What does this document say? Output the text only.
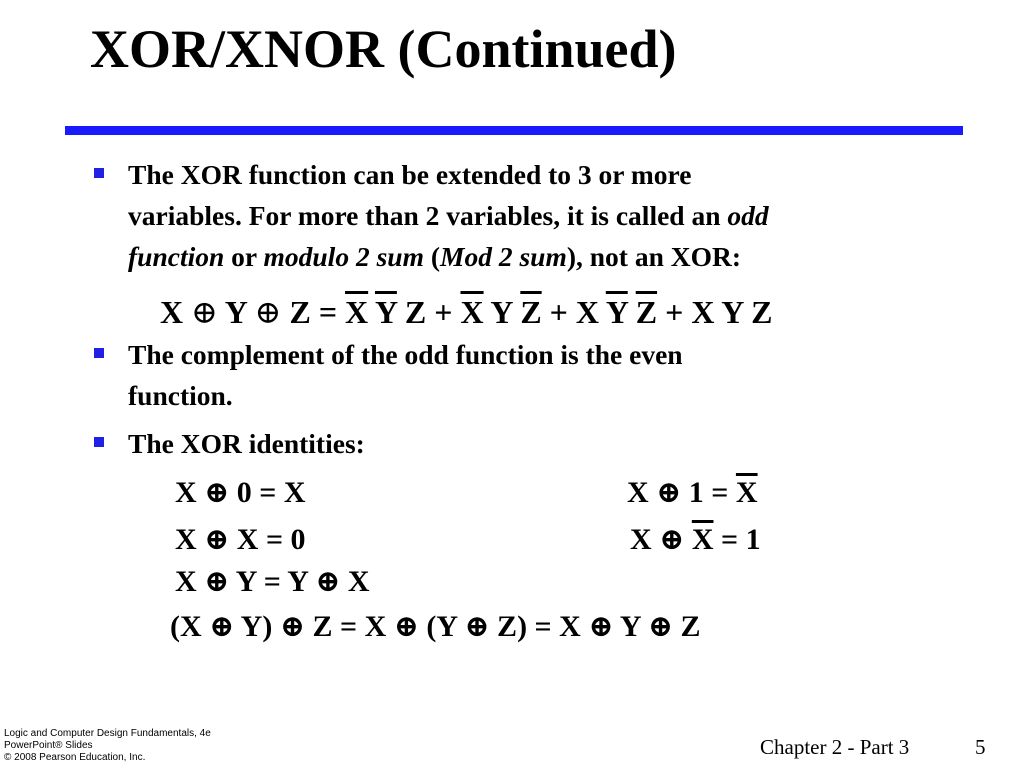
XOR/XNOR (Continued)
The XOR function can be extended to 3 or more
variables. For more than 2 variables, it is called an odd
function or modulo 2 sum (Mod 2 sum), not an XOR:
X ⊕ Y ⊕ $Z = \overline{X}$ $\overline{Y}$ $Z + \overline{X}$ Y $\overline{Z} + X$ $\overline{Y}$ $\overline{Z} + X$ Y Z
The complement of the odd function is the even
function.
The XOR identities:
X ⊕ 0 = X	X ⊕ $1 = \overline{X}$
X ⊕ X = 0	X ⊕ $\overline{X} = 1$
X ⊕ Y = Y ⊕ X
(X ⊕ Y) ⊕ Z = X ⊕ (Y ⊕ Z) = X ⊕ Y ⊕ Z
Logic and Computer Design Fundamentals, 4e
PowerPoint® Slides
© 2008 Pearson Education, Inc.	Chapter 2 - Part 3	5
